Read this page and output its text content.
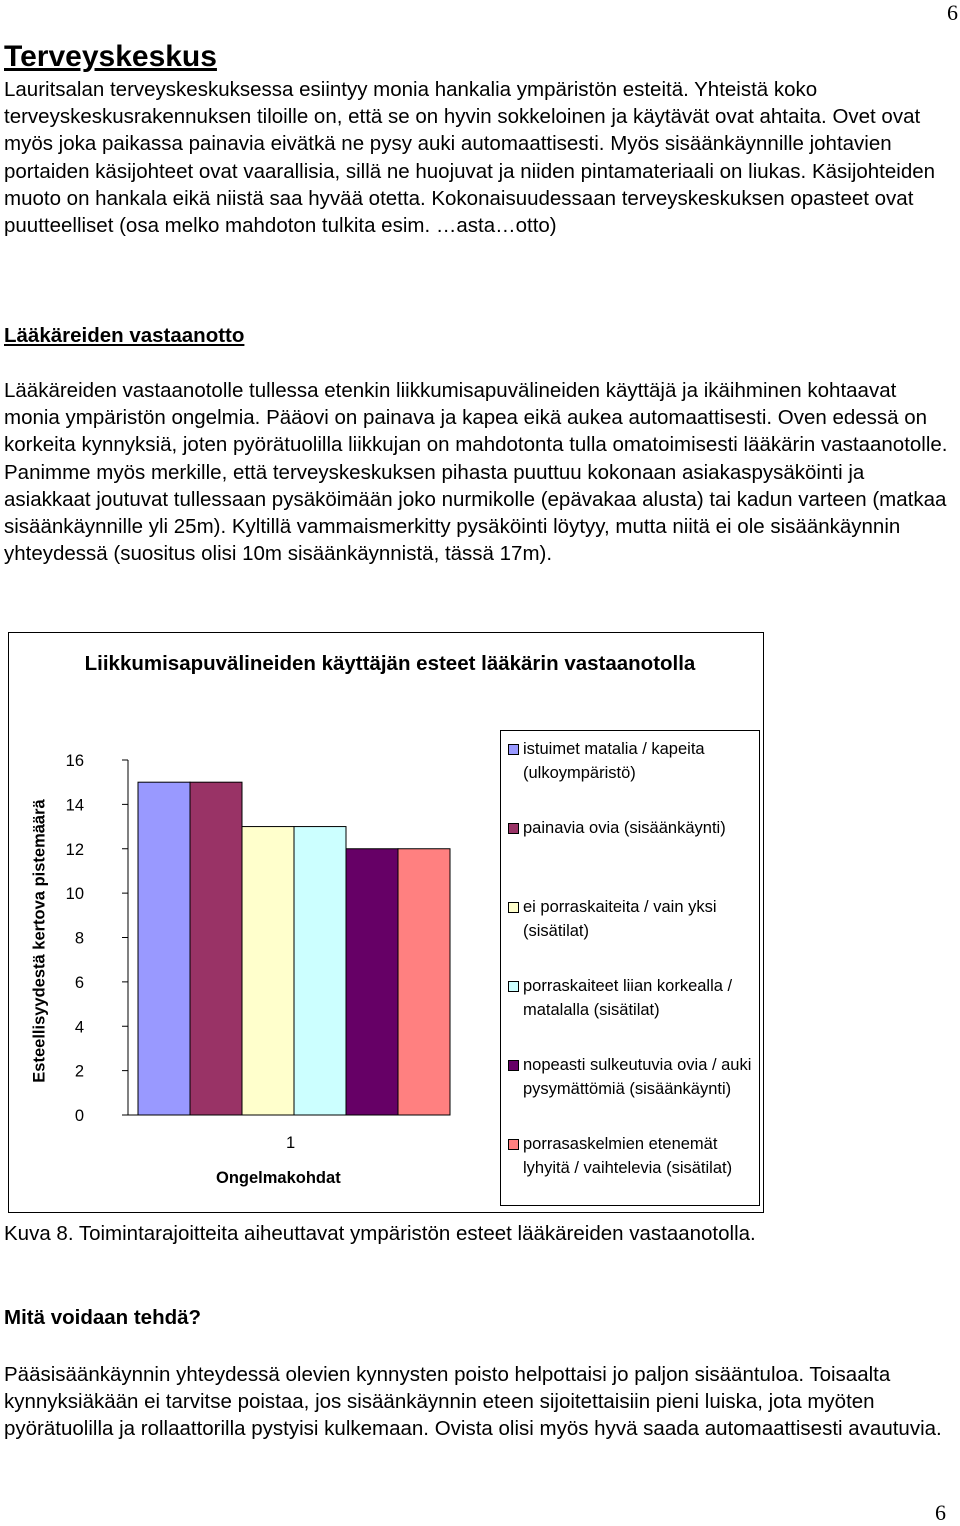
6
Terveyskeskus

Lauritsalan terveyskeskuksessa esiintyy monia hankalia ympäristön esteitä. Yhteistä koko terveyskeskusrakennuksen tiloille on, että se on hyvin sokkeloinen ja käytävät ovat ahtaita. Ovet ovat myös joka paikassa painavia eivätkä ne pysy auki automaattisesti. Myös sisäänkäynnille johtavien portaiden käsijohteet ovat vaarallisia, sillä ne huojuvat ja niiden pintamateriaali on liukas. Käsijohteiden muoto on hankala eikä niistä saa hyvää otetta. Kokonaisuudessaan terveyskeskuksen opasteet ovat puutteelliset (osa melko mahdoton tulkita esim. …asta…otto)

Lääkäreiden vastaanotto

Lääkäreiden vastaanotolle tullessa etenkin liikkumisapuvälineiden käyttäjä ja ikäihminen kohtaavat monia ympäristön ongelmia. Pääovi on painava ja kapea eikä aukea automaattisesti. Oven edessä on korkeita kynnyksiä, joten pyörätuolilla liikkujan on mahdotonta tulla omatoimisesti lääkärin vastaanotolle. Panimme myös merkille, että terveyskeskuksen pihasta puuttuu kokonaan asiakaspysäköinti ja asiakkaat joutuvat tullessaan pysäköimään joko nurmikolle (epävakaa alusta) tai kadun varteen (matkaa sisäänkäynnille yli 25m). Kyltillä vammaismerkitty pysäköinti löytyy, mutta niitä ei ole sisäänkäynnin yhteydessä (suositus olisi 10m sisäänkäynnistä, tässä 17m).

Liikkumisapuvälineiden käyttäjän esteet lääkärin vastaanotolla
0
2
4
6
8
10
12
14
16
Esteellisyydestä kertova pistemäärä
1
Ongelmakohdat
istuimet matalia / kapeita (ulkoympäristö)
painavia ovia (sisäänkäynti)
ei porraskaiteita / vain yksi (sisätilat)
porraskaiteet liian korkealla / matalalla (sisätilat)
nopeasti sulkeutuvia ovia / auki pysymättömiä (sisäänkäynti)
porrasaskelmien etenemät lyhyitä / vaihtelevia (sisätilat)

Kuva 8. Toimintarajoitteita aiheuttavat ympäristön esteet lääkäreiden vastaanotolla.

Mitä voidaan tehdä?

Pääsisäänkäynnin yhteydessä olevien kynnysten poisto helpottaisi jo paljon sisääntuloa. Toisaalta kynnyksiäkään ei tarvitse poistaa, jos sisäänkäynnin eteen sijoitettaisiin pieni luiska, jota myöten pyörätuolilla ja rollaattorilla pystyisi kulkemaan. Ovista olisi myös hyvä saada automaattisesti avautuvia.

6
